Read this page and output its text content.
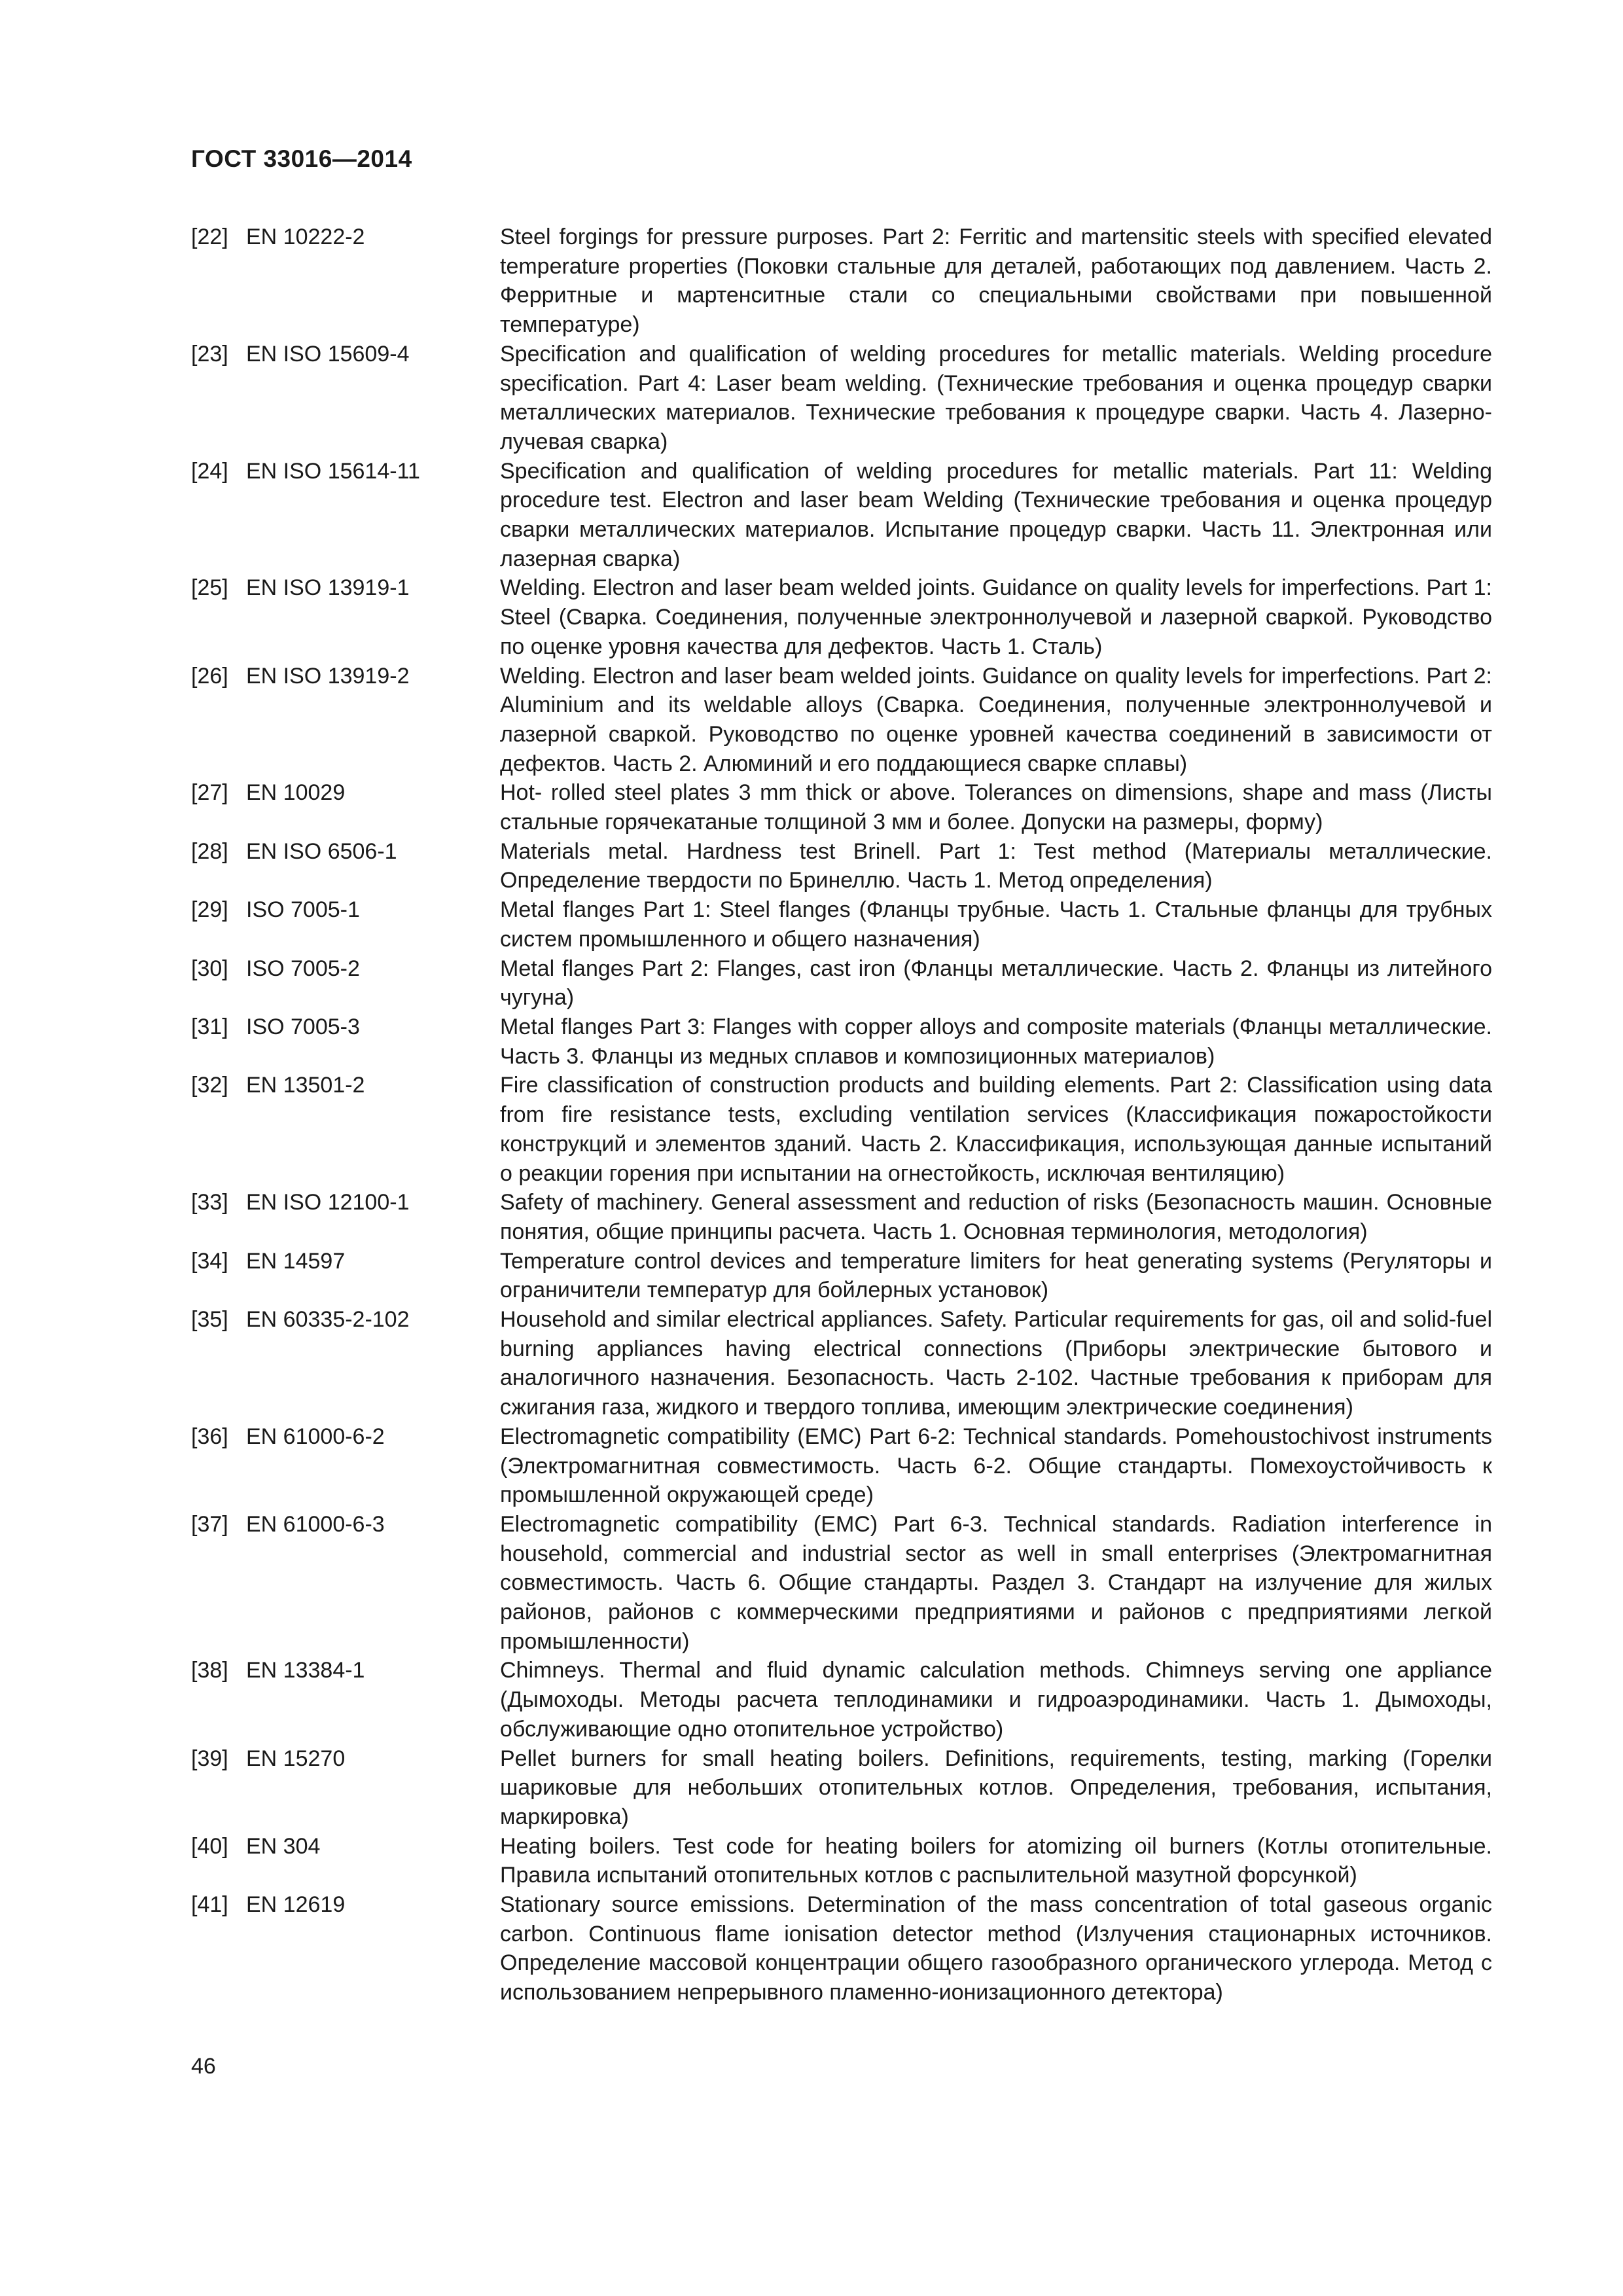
ГОСТ 33016—2014
[22] EN 10222-2	Steel forgings for pressure purposes. Part 2: Ferritic and martensitic steels with specified elevated temperature properties (Поковки стальные для деталей, работающих под давлением. Часть 2. Ферритные и мартенситные стали со специальными свойствами при повышенной температуре)
[23] EN ISO 15609-4	Specification and qualification of welding procedures for metallic materials. Welding procedure specification. Part 4: Laser beam welding. (Технические требования и оценка процедур сварки металлических материалов. Технические требования к процедуре сварки. Часть 4. Лазерно-лучевая сварка)
[24] EN ISO 15614-11	Specification and qualification of welding procedures for metallic materials. Part 11: Welding procedure test. Electron and laser beam Welding (Технические требования и оценка процедур сварки металлических материалов. Испытание процедур сварки. Часть 11. Электронная или лазерная сварка)
[25] EN ISO 13919-1	Welding. Electron and laser beam welded joints. Guidance on quality levels for imperfections. Part 1: Steel (Сварка. Соединения, полученные электроннолучевой и лазерной сваркой. Руководство по оценке уровня качества для дефектов. Часть 1. Сталь)
[26] EN ISO 13919-2	Welding. Electron and laser beam welded joints. Guidance on quality levels for imperfections. Part 2: Aluminium and its weldable alloys (Сварка. Соединения, полученные электроннолучевой и лазерной сваркой. Руководство по оценке уровней качества соединений в зависимости от дефектов. Часть 2. Алюминий и его поддающиеся сварке сплавы)
[27] EN 10029	Hot- rolled steel plates 3 mm thick or above. Tolerances on dimensions, shape and mass (Листы стальные горячекатаные толщиной 3 мм и более. Допуски на размеры, форму)
[28] EN ISO 6506-1	Materials metal. Hardness test Brinell. Part 1: Test method (Материалы металлические. Определение твердости по Бринеллю. Часть 1. Метод определения)
[29] ISO 7005-1	Metal flanges Part 1: Steel flanges (Фланцы трубные. Часть 1. Стальные фланцы для трубных систем промышленного и общего назначения)
[30] ISO 7005-2	Metal flanges Part 2: Flanges, cast iron (Фланцы металлические. Часть 2. Фланцы из литейного чугуна)
[31] ISO 7005-3	Metal flanges Part 3: Flanges with copper alloys and composite materials (Фланцы металлические. Часть 3. Фланцы из медных сплавов и композиционных материалов)
[32] EN 13501-2	Fire classification of construction products and building elements. Part 2: Classification using data from fire resistance tests, excluding ventilation services (Классификация пожаростойкости конструкций и элементов зданий. Часть 2. Классификация, использующая данные испытаний о реакции горения при испытании на огнестойкость, исключая вентиляцию)
[33] EN ISO 12100-1	Safety of machinery. General assessment and reduction of risks (Безопасность машин. Основные понятия, общие принципы расчета. Часть 1. Основная терминология, методология)
[34] EN 14597	Temperature control devices and temperature limiters for heat generating systems (Регуляторы и ограничители температур для бойлерных установок)
[35] EN 60335-2-102	Household and similar electrical appliances. Safety. Particular requirements for gas, oil and solid-fuel burning appliances having electrical connections (Приборы электрические бытового и аналогичного назначения. Безопасность. Часть 2-102. Частные требования к приборам для сжигания газа, жидкого и твердого топлива, имеющим электрические соединения)
[36] EN 61000-6-2	Electromagnetic compatibility (EMC) Part 6-2: Technical standards. Pomehoustochivost instruments (Электромагнитная совместимость. Часть 6-2. Общие стандарты. Помехоустойчивость к промышленной окружающей среде)
[37] EN 61000-6-3	Electromagnetic compatibility (EMC) Part 6-3. Technical standards. Radiation interference in household, commercial and industrial sector as well in small enterprises (Электромагнитная совместимость. Часть 6. Общие стандарты. Раздел 3. Стандарт на излучение для жилых районов, районов с коммерческими предприятиями и районов с предприятиями легкой промышленности)
[38] EN 13384-1	Chimneys. Thermal and fluid dynamic calculation methods. Chimneys serving one appliance (Дымоходы. Методы расчета теплодинамики и гидроаэродинамики. Часть 1. Дымоходы, обслуживающие одно отопительное устройство)
[39] EN 15270	Pellet burners for small heating boilers. Definitions, requirements, testing, marking (Горелки шариковые для небольших отопительных котлов. Определения, требования, испытания, маркировка)
[40] EN 304	Heating boilers. Test code for heating boilers for atomizing oil burners (Котлы отопительные. Правила испытаний отопительных котлов с распылительной мазутной форсункой)
[41] EN 12619	Stationary source emissions. Determination of the mass concentration of total gaseous organic carbon. Continuous flame ionisation detector method (Излучения стационарных источников. Определение массовой концентрации общего газообразного органического углерода. Метод с использованием непрерывного пламенно-ионизационного детектора)
46
